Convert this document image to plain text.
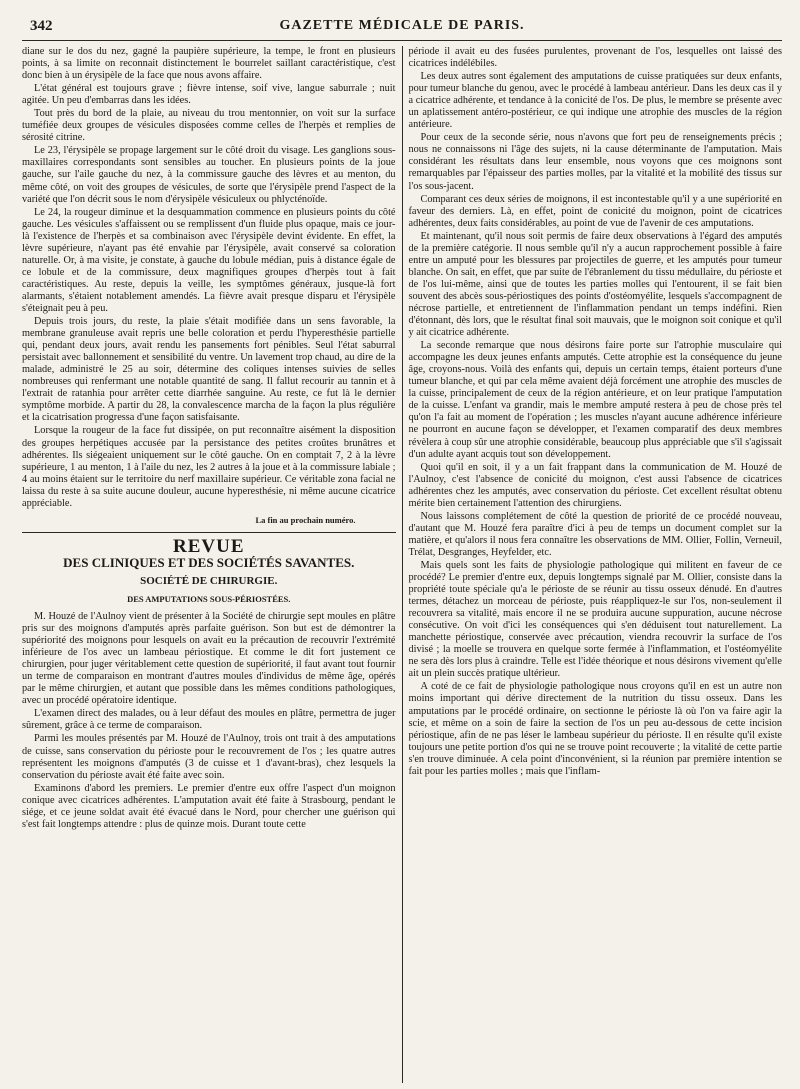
342	GAZETTE MÉDICALE DE PARIS.

diane sur le dos du nez, gagné la paupière supérieure, la tempe, le front en plusieurs points, à sa limite on reconnait distinctement le bourrelet saillant caractéristique, c'est donc bien à un érysipèle de la face que nous avons affaire.

L'état général est toujours grave ; fièvre intense, soif vive, langue saburrale ; nuit agitée. Un peu d'embarras dans les idées.

Tout près du bord de la plaie, au niveau du trou mentonnier, on voit sur la surface tuméfiée deux groupes de vésicules disposées comme celles de l'herpès et remplies de sérosité citrine.

Le 23, l'érysipèle se propage largement sur le côté droit du visage. Les ganglions sous-maxillaires correspondants sont sensibles au toucher. En plusieurs points de la joue gauche, sur l'aile gauche du nez, à la commissure gauche des lèvres et au menton, du même côté, on voit des groupes de vésicules, de sorte que l'érysipèle prend l'aspect de la variété que l'on décrit sous le nom d'érysipèle vésiculeux ou phlycténoïde.

Le 24, la rougeur diminue et la desquammation commence en plusieurs points du côté gauche. Les vésicules s'affaissent ou se remplissent d'un fluide plus opaque, mais ce jour-là l'existence de l'herpès et sa combinaison avec l'érysipèle devint évidente. En effet, la lèvre supérieure, n'ayant pas été envahie par l'érysipèle, avait conservé sa coloration naturelle. Or, à ma visite, je constate, à gauche du lobule médian, puis à distance égale de ce lobule et de la commissure, deux magnifiques groupes d'herpès tout à fait caractéristiques. Au reste, depuis la veille, les symptômes généraux, jusque-là fort alarmants, s'étaient notablement amendés. La fièvre avait presque disparu et l'érysipèle s'éteignait peu à peu.

Depuis trois jours, du reste, la plaie s'était modifiée dans un sens favorable, la membrane granuleuse avait repris une belle coloration et perdu l'hyperesthésie partielle qui, pendant deux jours, avait rendu les pansements fort pénibles. Seul l'état saburral persistait avec ballonnement et sensibilité du ventre. Un lavement trop chaud, au dire de la malade, administré le 25 au soir, détermine des coliques intenses suivies de selles nombreuses qui renfermant une notable quantité de sang. Il fallut recourir au tannin et à l'extrait de ratanhia pour arrêter cette diarrhée sanguine. Au reste, ce fut là le dernier symptôme morbide. A partir du 28, la convalescence marcha de la façon la plus régulière et la cicatrisation progressa d'une façon satisfaisante.

Lorsque la rougeur de la face fut dissipée, on put reconnaître aisément la disposition des groupes herpétiques accusée par la persistance des petites croûtes brunâtres et adhérentes. Ils siégeaient uniquement sur le côté gauche. On en comptait 7, 2 à la lèvre supérieure, 1 au menton, 1 à l'aile du nez, les 2 autres à la joue et à la commissure labiale ; 4 au moins étaient sur le territoire du nerf maxillaire supérieur. Ce véritable zona facial ne laissa du reste à sa suite aucune douleur, aucune hyperesthésie, ni même aucune cicatrice appréciable.

La fin au prochain numéro.
REVUE
DES CLINIQUES ET DES SOCIÉTÉS SAVANTES.
SOCIÉTÉ DE CHIRURGIE.
DES AMPUTATIONS SOUS-PÉRIOSTÉES.

M. Houzé de l'Aulnoy vient de présenter à la Société de chirurgie sept moules en plâtre pris sur des moignons d'amputés après parfaite guérison. Son but est de démontrer la supériorité des moignons pour lesquels on avait eu la précaution de recouvrir l'extrémité inférieure de l'os avec un lambeau périostique. Et comme le dit fort justement ce chirurgien, pour juger véritablement cette question de supériorité, il faut avant tout fournir un terme de comparaison en montrant d'autres moules d'individus de même âge, opérés par le même chirurgien, et autant que possible dans les mêmes conditions pathologiques, avec un procédé opératoire identique.

L'examen direct des malades, ou à leur défaut des moules en plâtre, permettra de juger sûrement, grâce à ce terme de comparaison.

Parmi les moules présentés par M. Houzé de l'Aulnoy, trois ont trait à des amputations de cuisse, sans conservation du périoste pour le recouvrement de l'os ; les quatre autres représentent les moignons d'amputés (3 de cuisse et 1 d'avant-bras), chez lesquels la conservation du périoste avait été faite avec soin.

Examinons d'abord les premiers. Le premier d'entre eux offre l'aspect d'un moignon conique avec cicatrices adhérentes. L'amputation avait été faite à Strasbourg, pendant le siége, et ce jeune soldat avait été évacué dans le Nord, pour chercher une guérison qui s'est fait longtemps attendre : plus de quinze mois. Durant toute cette

période il avait eu des fusées purulentes, provenant de l'os, lesquelles ont laissé des cicatrices indélébiles.

Les deux autres sont également des amputations de cuisse pratiquées sur deux enfants, pour tumeur blanche du genou, avec le procédé à lambeau antérieur. Dans les deux cas il y a cicatrice adhérente, et tendance à la conicité de l'os. De plus, le membre se présente avec un aplatissement antéro-postérieur, ce qui indique une atrophie des muscles de la région antérieure.

Pour ceux de la seconde série, nous n'avons que fort peu de renseignements précis ; nous ne connaissons ni l'âge des sujets, ni la cause déterminante de l'amputation. Mais considérant les résultats dans leur ensemble, nous voyons que ces moignons sont remarquables par l'épaisseur des parties molles, par la vitalité et la mobilité des tissus sur l'os sous-jacent.

Comparant ces deux séries de moignons, il est incontestable qu'il y a une supériorité en faveur des derniers. Là, en effet, point de conicité du moignon, point de cicatrices adhérentes, deux faits considérables, au point de vue de l'avenir de ces amputations.

Et maintenant, qu'il nous soit permis de faire deux observations à l'égard des amputés de la première catégorie. Il nous semble qu'il n'y a aucun rapprochement possible à faire entre un amputé pour les blessures par projectiles de guerre, et les amputés pour tumeur blanche. On sait, en effet, que par suite de l'ébranlement du tissu médullaire, du périoste et de l'os lui-même, ainsi que de toutes les parties molles qui l'entourent, il se fait bien souvent des abcès sous-périostiques des points d'ostéomyélite, lesquels s'accompagnent de nécrose partielle, et entretiennent de l'inflammation pendant un temps indéfini. Rien d'étonnant, dès lors, que le résultat final soit mauvais, que le moignon soit conique et qu'il y ait cicatrice adhérente.

La seconde remarque que nous désirons faire porte sur l'atrophie musculaire qui accompagne les deux jeunes enfants amputés. Cette atrophie est la conséquence du jeune âge, croyons-nous. Voilà des enfants qui, depuis un certain temps, étaient porteurs d'une tumeur blanche, et qui par cela même avaient déjà forcément une atrophie des muscles de la cuisse, principalement de ceux de la région antérieure, et on leur pratique l'amputation de la cuisse. L'enfant va grandir, mais le membre amputé restera à peu de chose près tel qu'on l'a fait au moment de l'opération ; les muscles n'ayant aucune adhérence inférieure ne pourront en aucune façon se développer, et l'examen comparatif des deux membres révèlera à coup sûr une atrophie considérable, beaucoup plus appréciable que s'il s'agissait d'un adulte ayant acquis tout son développement.

Quoi qu'il en soit, il y a un fait frappant dans la communication de M. Houzé de l'Aulnoy, c'est l'absence de conicité du moignon, c'est aussi l'absence de cicatrices adhérentes chez les amputés, avec conservation du périoste. Cet excellent résultat obtenu mérite bien certainement l'attention des chirurgiens.

Nous laissons complétement de côté la question de priorité de ce procédé nouveau, d'autant que M. Houzé fera paraître d'ici à peu de temps un document complet sur la matière, et qu'alors il nous fera connaître les observations de MM. Ollier, Follin, Verneuil, Trélat, Desgranges, Heyfelder, etc.

Mais quels sont les faits de physiologie pathologique qui militent en faveur de ce procédé? Le premier d'entre eux, depuis longtemps signalé par M. Ollier, consiste dans la propriété toute spéciale qu'a le périoste de se réunir au tissu osseux dénudé. En d'autres termes, détachez un morceau de périoste, puis réappliquez-le sur l'os, non-seulement il recouvrera sa vitalité, mais encore il ne se produira aucune suppuration, aucune nécrose consécutive. On voit d'ici les conséquences qui s'en déduisent tout naturellement. La manchette périostique, conservée avec précaution, viendra recouvrir la surface de l'os divisé ; la moelle se trouvera en quelque sorte fermée à l'inflammation, et l'ostéomyélite ne sera dès lors plus à craindre. Telle est l'idée théorique et nous désirons vivement qu'elle ait un plein succès pratique ultérieur.

A coté de ce fait de physiologie pathologique nous croyons qu'il en est un autre non moins important qui dérive directement de la nutrition du tissu osseux. Dans les amputations par le procédé ordinaire, on sectionne le périoste là où l'on va faire agir la scie, et même on a soin de faire la section de l'os un peu au-dessous de cette incision périostique, afin de ne pas léser le lambeau supérieur du périoste. Il en résulte qu'il existe toujours une petite portion d'os qui ne se trouve point recouverte ; la vitalité de cette partie s'en trouve diminuée. A cela point d'inconvénient, si la réunion par première intention se fait pour les parties molles ; mais que l'inflam-
